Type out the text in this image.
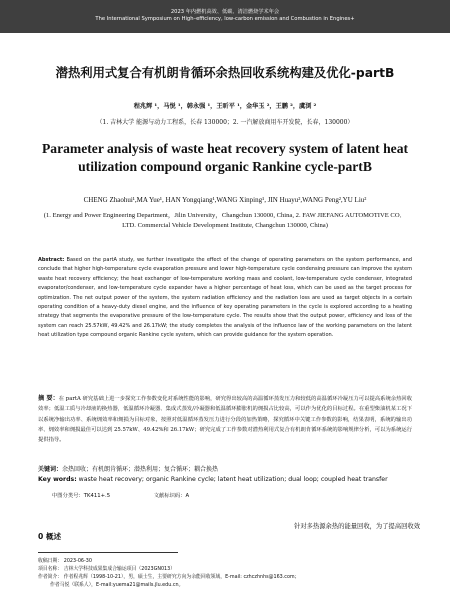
2023 年内燃机高效、低碳、清洁燃烧学术年会
The International Symposium on High–efficiency, low-carbon emission and Combustion in Engines+
潜热利用式复合有机朗肯循环余热回收系统构建及优化-partB
程兆辉 ¹，马悦 ¹，韩永强 ¹，王昕平 ¹，金华玉 ²，王鹏 ²，虞浏 ²
（1. 吉林大学 能源与动力工程系，长春 130000；2. 一汽解放商用车开发院，长春，130000）
Parameter analysis of waste heat recovery system of latent heat utilization compound organic Rankine cycle-partB
CHENG Zhaohui¹,MA Yue¹, HAN Yongqiang¹,WANG Xinping¹, JIN Huayu²,WANG Peng²,YU Liu²
(1. Energy and Power Engineering Department，Jilin University，Changchun 130000, China, 2. FAW JIEFANG AUTOMOTIVE CO．LTD. Commercial Vehicle Development Institute, Changchun 130000, China)
Abstract: Based on the partA study, we further investigate the effect of the change of operating parameters on the system performance, and conclude that higher high-temperature cycle evaporation pressure and lower high-temperature cycle condensing pressure can improve the system waste heat recovery efficiency; the heat exchanger of low-temperature working mass and coolant, low-temperature cycle condenser, integrated evaporator/condenser, and low-temperature cycle expander have a higher percentage of heat loss, which can be used as the target process for optimization. The net output power of the system, the system radiation efficiency and the radiation loss are used as target objects in a certain operating condition of a heavy-duty diesel engine, and the influence of key operating parameters in the cycle is explored according to a heating strategy that segments the evaporative pressure of the low-temperature cycle. The results show that the output power, efficiency and loss of the system can reach 25.57kW, 49.42% and 26.17kW; the study completes the analysis of the influence law of the working parameters on the latent heat utilization type compound organic Rankine cycle system, which can provide guidance for the system operation.
摘 要：在 partA 研究基础上进一步探究工作参数变化对系统性能的影响，研究得出较高的高温循环蒸发压力和较低的高温循环冷凝压力可以提高系统余热回收效率；低温工质与冷却液的换热器，低温循环冷凝器、集成式蒸发/冷凝器和低温循环膨胀机的㶲损占比较高，可以作为优化的目标过程。在重型柴油机某工况下以系统净输出功率、系统㶲效率和㶲损为目标对象，按照对低温循环蒸发压力进行分段的加热策略，探究循环中关键工作参数的影响，结果表明，系统的输出功率、㶲效率和㶲损最佳可以达到 25.57kW、49.42%和 26.17kW；研究完成了工作参数对潜热利用式复合有机朗肯循环系统的影响规律分析，可以为系统运行提供指导。
关键词：余热回收；有机朗肯循环；潜热利用；复合循环；耦合换热
Key words: waste heat recovery; organic Rankine cycle; latent heat utilization; dual loop; coupled heat transfer
中图分类号：TK411+.5	文献标识码：A
针对多热源余热的能量回收，为了提高回收效
0 概述
收稿日期： 2023-06-30
项目名称： 吉林大学科技成果集成合输运项目（2023GN013）
作者简介： 作者程兆辉（1998-10-21），男，硕士生，主要研究方向为余能回收领域，E-mail: czhczhnhs@163.com；
作者马悦（联系人），E-mail:yuema21@mails.jlu.edu.cn。
